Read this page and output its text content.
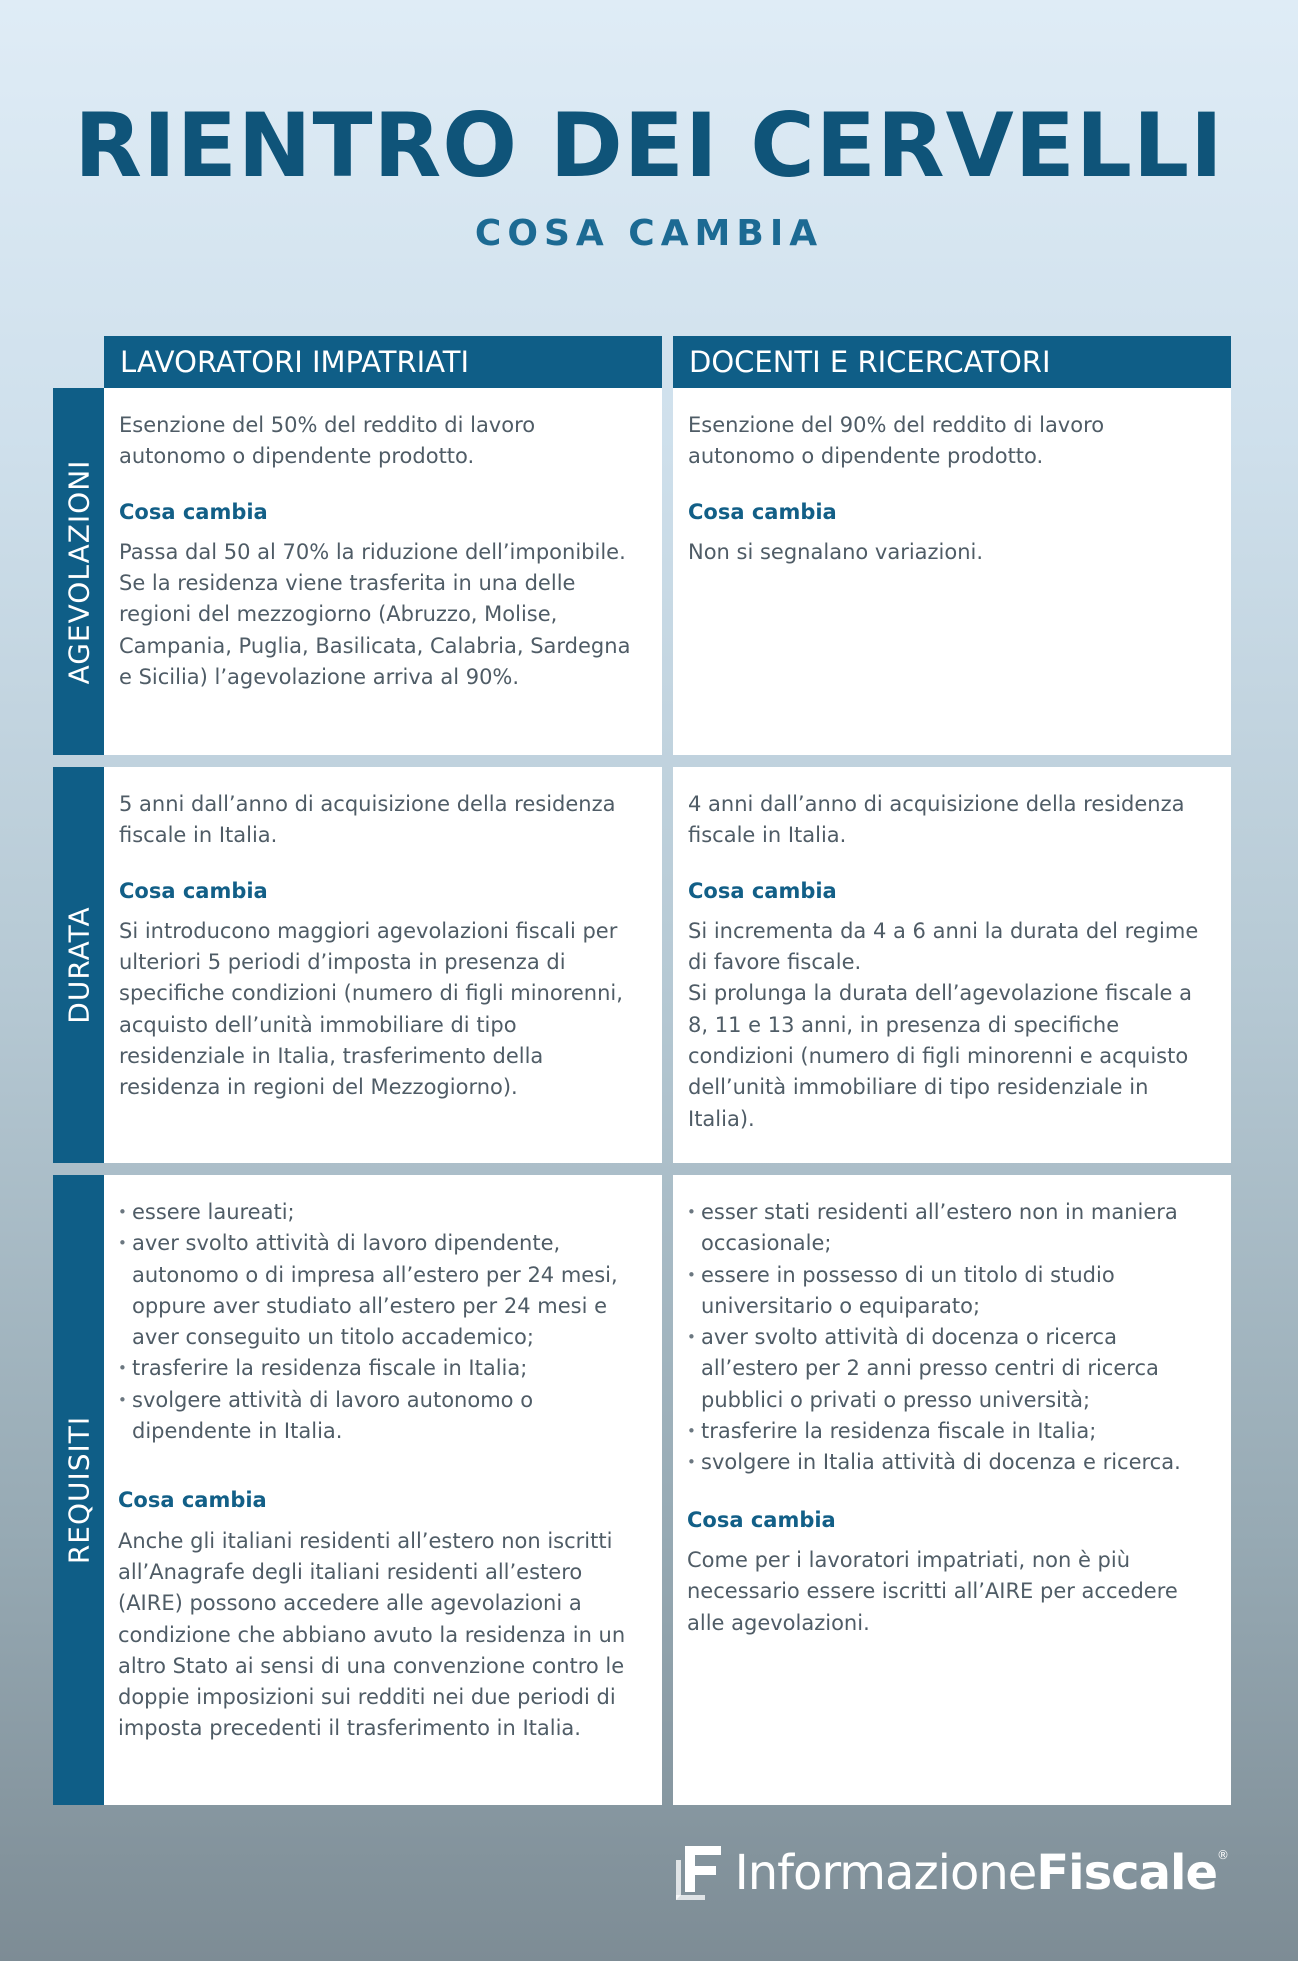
RIENTRO DEI CERVELLI
COSA CAMBIA
LAVORATORI IMPATRIATI	DOCENTI E RICERCATORI
AGEVOLAZIONI

Esenzione del 50% del reddito di lavoro autonomo o dipendente prodotto.

Cosa cambia

Passa dal 50 al 70% la riduzione dell’imponibile.

Se la residenza viene trasferita in una delle regioni del mezzogiorno (Abruzzo, Molise, Campania, Puglia, Basilicata, Calabria, Sardegna e Sicilia) l’agevolazione arriva al 90%.

Esenzione del 90% del reddito di lavoro autonomo o dipendente prodotto.

Cosa cambia

Non si segnalano variazioni.

DURATA

5 anni dall’anno di acquisizione della residenza fiscale in Italia.

Cosa cambia

Si introducono maggiori agevolazioni fiscali per ulteriori 5 periodi d’imposta in presenza di specifiche condizioni (numero di figli minorenni, acquisto dell’unità immobiliare di tipo residenziale in Italia, trasferimento della residenza in regioni del Mezzogiorno).

4 anni dall’anno di acquisizione della residenza fiscale in Italia.

Cosa cambia

Si incrementa da 4 a 6 anni la durata del regime di favore fiscale.

Si prolunga la durata dell’agevolazione fiscale a 8, 11 e 13 anni, in presenza di specifiche condizioni (numero di figli minorenni e acquisto dell’unità immobiliare di tipo residenziale in Italia).

REQUISITI
• essere laureati;
• aver svolto attività di lavoro dipendente, autonomo o di impresa all’estero per 24 mesi, oppure aver studiato all’estero per 24 mesi e aver conseguito un titolo accademico;
• trasferire la residenza fiscale in Italia;
• svolgere attività di lavoro autonomo o dipendente in Italia.

Cosa cambia

Anche gli italiani residenti all’estero non iscritti all’Anagrafe degli italiani residenti all’estero (AIRE) possono accedere alle agevolazioni a condizione che abbiano avuto la residenza in un altro Stato ai sensi di una convenzione contro le doppie imposizioni sui redditi nei due periodi di imposta precedenti il trasferimento in Italia.

• esser stati residenti all’estero non in maniera occasionale;
• essere in possesso di un titolo di studio universitario o equiparato;
• aver svolto attività di docenza o ricerca all’estero per 2 anni presso centri di ricerca pubblici o privati o presso università;
• trasferire la residenza fiscale in Italia;
• svolgere in Italia attività di docenza e ricerca.

Cosa cambia

Come per i lavoratori impatriati, non è più necessario essere iscritti all’AIRE per accedere alle agevolazioni.

InformazioneFiscale®
